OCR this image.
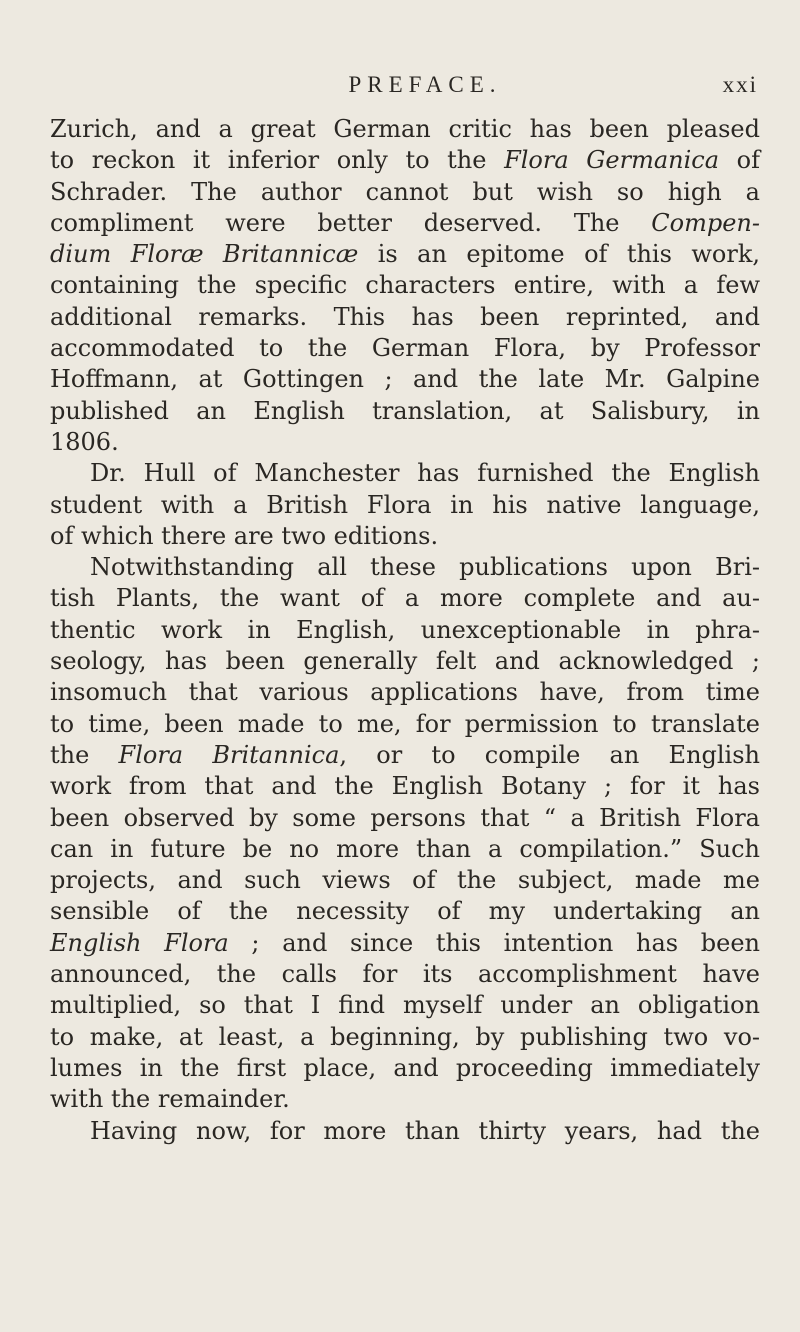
PREFACE.	xxi
Zurich, and a great German critic has been pleased
to reckon it inferior only to the Flora Germanica of
Schrader. The author cannot but wish so high a
compliment were better deserved. The Compen-
dium Floræ Britannicæ is an epitome of this work,
containing the specific characters entire, with a few
additional remarks. This has been reprinted, and
accommodated to the German Flora, by Professor
Hoffmann, at Gottingen ; and the late Mr. Galpine
published an English translation, at Salisbury, in
1806.
Dr. Hull of Manchester has furnished the English
student with a British Flora in his native language,
of which there are two editions.
Notwithstanding all these publications upon Bri-
tish Plants, the want of a more complete and au-
thentic work in English, unexceptionable in phra-
seology, has been generally felt and acknowledged ;
insomuch that various applications have, from time
to time, been made to me, for permission to translate
the Flora Britannica, or to compile an English
work from that and the English Botany ; for it has
been observed by some persons that “ a British Flora
can in future be no more than a compilation.” Such
projects, and such views of the subject, made me
sensible of the necessity of my undertaking an
English Flora ; and since this intention has been
announced, the calls for its accomplishment have
multiplied, so that I find myself under an obligation
to make, at least, a beginning, by publishing two vo-
lumes in the first place, and proceeding immediately
with the remainder.
Having now, for more than thirty years, had the
